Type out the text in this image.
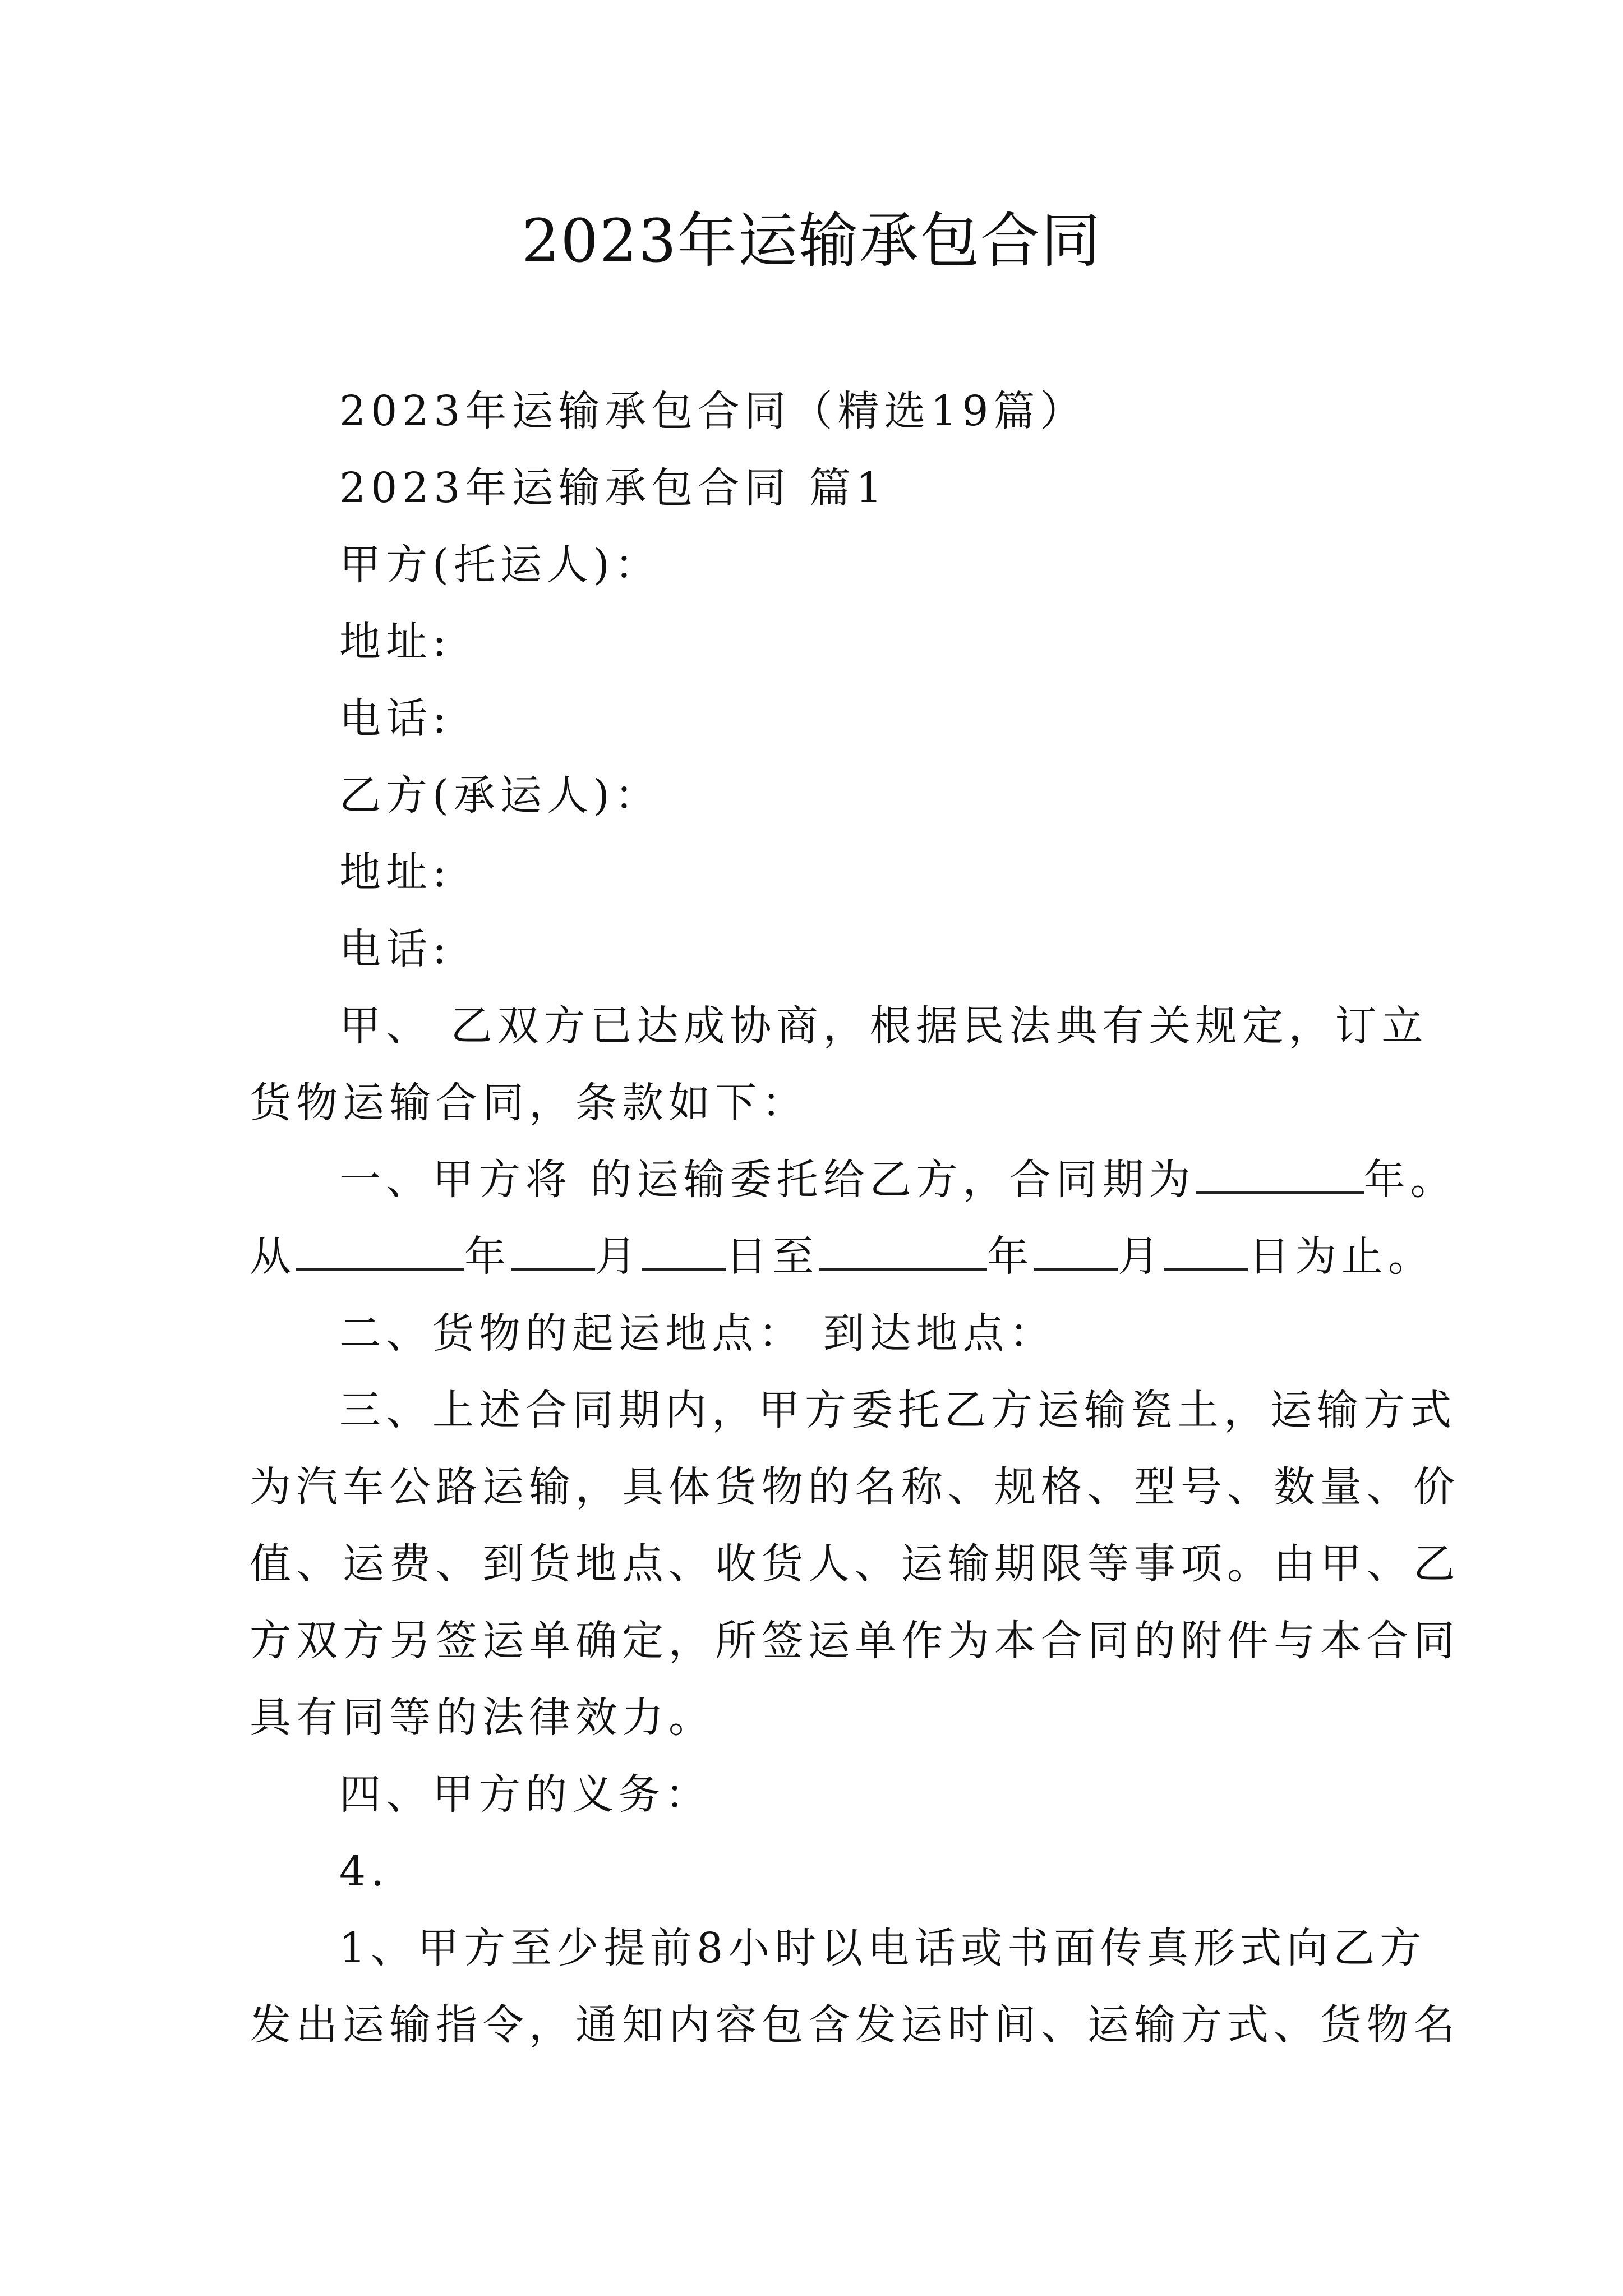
2023年运输承包合同
2023年运输承包合同（精选19篇）
2023年运输承包合同 篇1
甲方(托运人)：
地址:
电话:
乙方(承运人)：
地址:
电话:
甲、 乙双方已达成协商，根据民法典有关规定，订立
货物运输合同，条款如下：
一、甲方将 的运输委托给乙方，合同期为	年。
从	年 月 日至	年 月 日为止。
二、货物的起运地点： 到达地点：
三、上述合同期内，甲方委托乙方运输瓷土，运输方式
为汽车公路运输，具体货物的名称、规格、型号、数量、价
值、运费、到货地点、收货人、运输期限等事项。由甲、乙
方双方另签运单确定，所签运单作为本合同的附件与本合同
具有同等的法律效力。
四、甲方的义务：
4.
1、甲方至少提前8小时以电话或书面传真形式向乙方
发出运输指令，通知内容包含发运时间、运输方式、货物名
